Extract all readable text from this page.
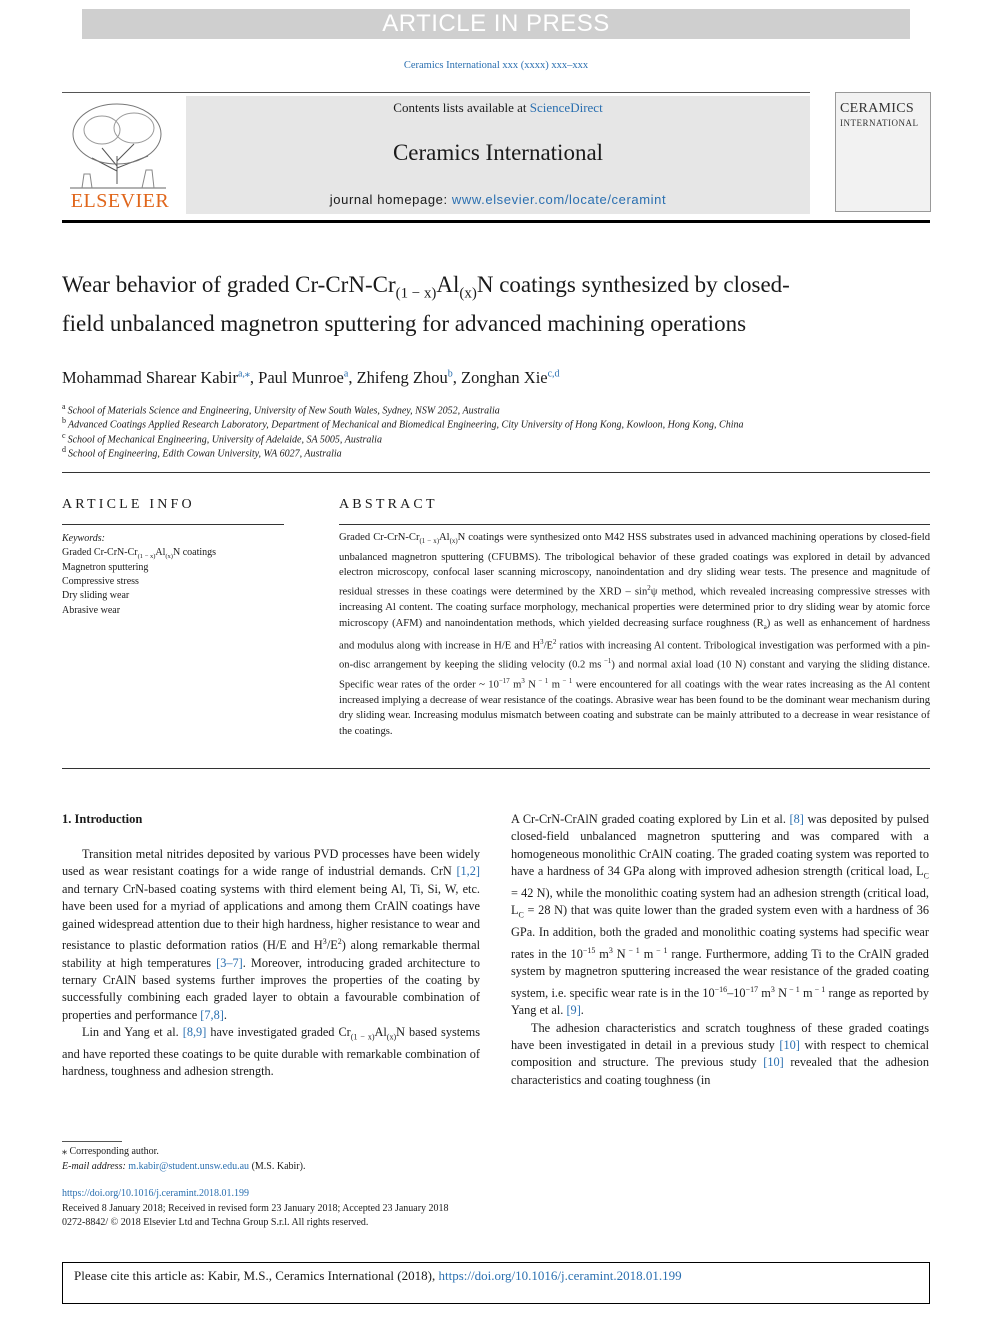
ARTICLE IN PRESS
Ceramics International xxx (xxxx) xxx–xxx
ELSEVIER
Contents lists available at ScienceDirect
Ceramics International
journal homepage: www.elsevier.com/locate/ceramint
CERAMICS
INTERNATIONAL
Wear behavior of graded $Cr-CrN-Cr_{(1 - x)}Al_{(x)}N$ coatings synthesized by closed-field unbalanced magnetron sputtering for advanced machining operations
Mohammad Sharear Kabir$^{a,⁎}$, Paul Munroe$^a$, Zhifeng Zhou$^b$, Zonghan Xie$^{c,d}$
$^a$ School of Materials Science and Engineering, University of New South Wales, Sydney, NSW 2052, Australia
$^b$ Advanced Coatings Applied Research Laboratory, Department of Mechanical and Biomedical Engineering, City University of Hong Kong, Kowloon, Hong Kong, China
$^c$ School of Mechanical Engineering, University of Adelaide, SA 5005, Australia
$^d$ School of Engineering, Edith Cowan University, WA 6027, Australia
ARTICLE INFO
Keywords:
Graded $Cr-CrN-Cr_{(1 - x)}Al_{(x)}N$ coatings
Magnetron sputtering
Compressive stress
Dry sliding wear
Abrasive wear
ABSTRACT
Graded $Cr-CrN-Cr_{(1 - x)}Al_{(x)}N$ coatings were synthesized onto M42 HSS substrates used in advanced machining operations by closed-field unbalanced magnetron sputtering (CFUBMS). The tribological behavior of these graded coatings was explored in detail by advanced electron microscopy, confocal laser scanning microscopy, nanoindentation and dry sliding wear tests. The presence and magnitude of residual stresses in these coatings were determined by the XRD – $\sin^2\psi$ method, which revealed increasing compressive stresses with increasing Al content. The coating surface morphology, mechanical properties were determined prior to dry sliding wear by atomic force microscopy (AFM) and nanoindentation methods, which yielded decreasing surface roughness $(R_a)$ as well as enhancement of hardness and modulus along with increase in H/E and $H^3/E^2$ ratios with increasing Al content. Tribological investigation was performed with a pin-on-disc arrangement by keeping the sliding velocity (0.2 ms $^{-1}$) and normal axial load (10 N) constant and varying the sliding distance. Specific wear rates of the order ~ $10^{-17}$ $m^3$ N $^{- 1}$ m $^{- 1}$ were encountered for all coatings with the wear rates increasing as the Al content increased implying a decrease of wear resistance of the coatings. Abrasive wear has been found to be the dominant wear mechanism during dry sliding wear. Increasing modulus mismatch between coating and substrate can be mainly attributed to a decrease in wear resistance of the coatings.
1. Introduction

Transition metal nitrides deposited by various PVD processes have been widely used as wear resistant coatings for a wide range of industrial demands. CrN [1,2] and ternary CrN-based coating systems with third element being Al, Ti, Si, W, etc. have been used for a myriad of applications and among them CrAlN coatings have gained widespread attention due to their high hardness, higher resistance to wear and resistance to plastic deformation ratios (H/E and $H^3/E^2$) along remarkable thermal stability at high temperatures [3–7]. Moreover, introducing graded architecture to ternary CrAlN based systems further improves the properties of the coating by successfully combining each graded layer to obtain a favourable combination of properties and performance [7,8].

Lin and Yang et al. [8,9] have investigated graded $Cr_{(1 - x)}Al_{(x)}N$ based systems and have reported these coatings to be quite durable with remarkable combination of hardness, toughness and adhesion strength.

A Cr-CrN-CrAlN graded coating explored by Lin et al. [8] was deposited by pulsed closed-field unbalanced magnetron sputtering and was compared with a homogeneous monolithic CrAlN coating. The graded coating system was reported to have a hardness of 34 GPa along with improved adhesion strength (critical load, $L_C = 42$ N), while the monolithic coating system had an adhesion strength (critical load, $L_C = 28$ N) that was quite lower than the graded system even with a hardness of 36 GPa. In addition, both the graded and monolithic coating systems had specific wear rates in the $10^{-15}$ $m^3$ N $^{- 1}$ m $^{- 1}$ range. Furthermore, adding Ti to the CrAlN graded system by magnetron sputtering increased the wear resistance of the graded coating system, i.e. specific wear rate is in the $10^{-16}-10^{-17}$ $m^3$ N $^{- 1}$ m $^{- 1}$ range as reported by Yang et al. [9].

The adhesion characteristics and scratch toughness of these graded coatings have been investigated in detail in a previous study [10] with respect to chemical composition and structure. The previous study [10] revealed that the adhesion characteristics and coating toughness (in

⁎ Corresponding author.
E-mail address: m.kabir@student.unsw.edu.au (M.S. Kabir).
https://doi.org/10.1016/j.ceramint.2018.01.199
Received 8 January 2018; Received in revised form 23 January 2018; Accepted 23 January 2018
0272-8842/ © 2018 Elsevier Ltd and Techna Group S.r.l. All rights reserved.
Please cite this article as: Kabir, M.S., Ceramics International (2018), https://doi.org/10.1016/j.ceramint.2018.01.199
